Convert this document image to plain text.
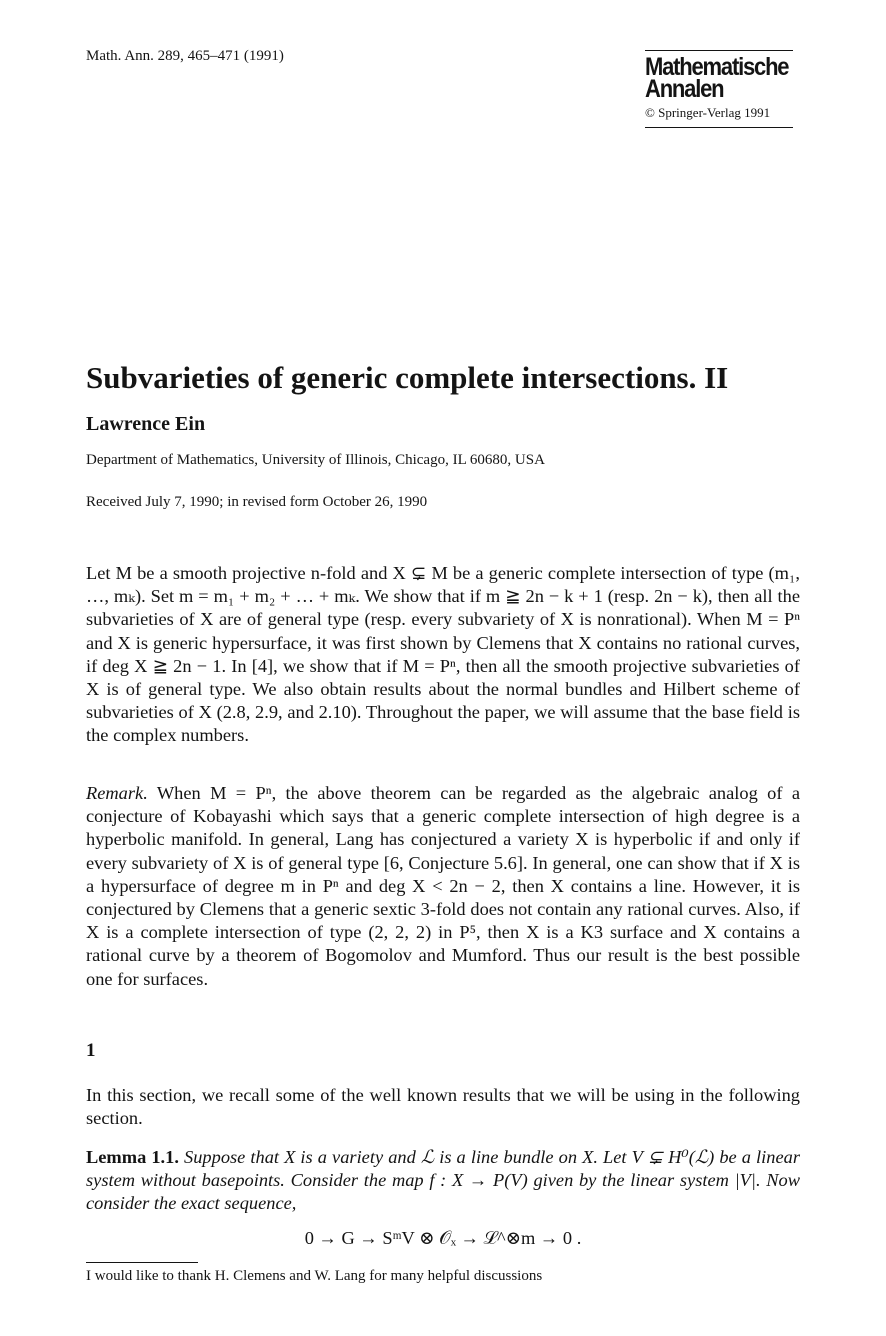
Math. Ann. 289, 465–471 (1991)	Mathematische
Annalen
© Springer-Verlag 1991
Subvarieties of generic complete intersections. II
Lawrence Ein
Department of Mathematics, University of Illinois, Chicago, IL 60680, USA
Received July 7, 1990; in revised form October 26, 1990
Let M be a smooth projective n-fold and X ⊊ M be a generic complete intersection of type (m₁, …, mₖ). Set m = m₁ + m₂ + … + mₖ. We show that if m ≧ 2n − k + 1 (resp. 2n − k), then all the subvarieties of X are of general type (resp. every subvariety of X is nonrational). When M = Pⁿ and X is generic hypersurface, it was first shown by Clemens that X contains no rational curves, if deg X ≧ 2n − 1. In [4], we show that if M = Pⁿ, then all the smooth projective subvarieties of X is of general type. We also obtain results about the normal bundles and Hilbert scheme of subvarieties of X (2.8, 2.9, and 2.10). Throughout the paper, we will assume that the base field is the complex numbers.
Remark. When M = Pⁿ, the above theorem can be regarded as the algebraic analog of a conjecture of Kobayashi which says that a generic complete intersection of high degree is a hyperbolic manifold. In general, Lang has conjectured a variety X is hyperbolic if and only if every subvariety of X is of general type [6, Conjecture 5.6]. In general, one can show that if X is a hypersurface of degree m in Pⁿ and deg X < 2n − 2, then X contains a line. However, it is conjectured by Clemens that a generic sextic 3-fold does not contain any rational curves. Also, if X is a complete intersection of type (2, 2, 2) in P⁵, then X is a K3 surface and X contains a rational curve by a theorem of Bogomolov and Mumford. Thus our result is the best possible one for surfaces.
1
In this section, we recall some of the well known results that we will be using in the following section.
Lemma 1.1. Suppose that X is a variety and ℒ is a line bundle on X. Let V ⊊ H⁰(ℒ) be a linear system without basepoints. Consider the map f : X → P(V) given by the linear system |V|. Now consider the exact sequence,
0 → G → SᵐV ⊗ 𝒪ₓ → ℒ^⊗m → 0 .
I would like to thank H. Clemens and W. Lang for many helpful discussions
